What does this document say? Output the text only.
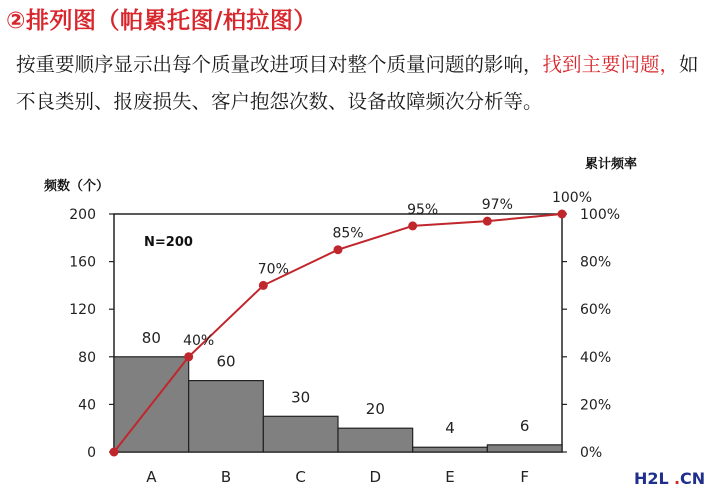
②排列图（帕累托图/柏拉图）

按重要顺序显示出每个质量改进项目对整个质量问题的影响，找到主要问题，如不良类别、报废损失、客户抱怨次数、设备故障频次分析等。

频数（个）
累计频率
N=200
0
40
80
120
160
200
0%
20%
40%
60%
80%
100%
80
A
60
B
30
C
20
D
4
E
6
F
40%
70%
85%
95%	97%	100%
H2L . CN
